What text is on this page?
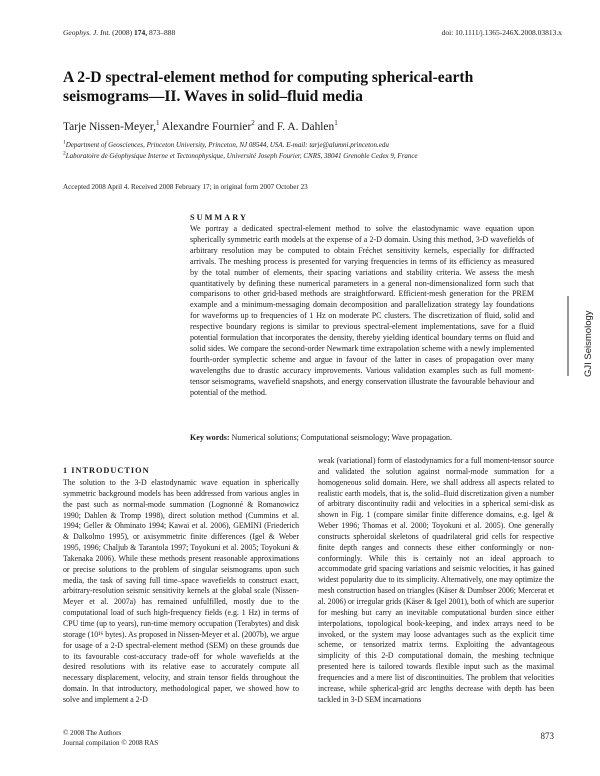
Geophys. J. Int. (2008) 174, 873–888	doi: 10.1111/j.1365-246X.2008.03813.x
A 2-D spectral-element method for computing spherical-earth seismograms—II. Waves in solid–fluid media
Tarje Nissen-Meyer,$^1$ Alexandre Fournier$^2$ and F. A. Dahlen$^1$
$^1$Department of Geosciences, Princeton University, Princeton, NJ 08544, USA. E-mail: tarje@alumni.princeton.edu
$^2$Laboratoire de Géophysique Interne et Tectonophysique, Université Joseph Fourier, CNRS, 38041 Grenoble Cedex 9, France
Accepted 2008 April 4. Received 2008 February 17; in original form 2007 October 23
SUMMARY
We portray a dedicated spectral-element method to solve the elastodynamic wave equation upon spherically symmetric earth models at the expense of a 2-D domain. Using this method, 3-D wavefields of arbitrary resolution may be computed to obtain Fréchet sensitivity kernels, especially for diffracted arrivals. The meshing process is presented for varying frequencies in terms of its efficiency as measured by the total number of elements, their spacing variations and stability criteria. We assess the mesh quantitatively by defining these numerical parameters in a general non-dimensionalized form such that comparisons to other grid-based methods are straightforward. Efficient-mesh generation for the PREM example and a minimum-messaging domain decomposition and parallelization strategy lay foundations for waveforms up to frequencies of 1 Hz on moderate PC clusters. The discretization of fluid, solid and respective boundary regions is similar to previous spectral-element implementations, save for a fluid potential formulation that incorporates the density, thereby yielding identical boundary terms on fluid and solid sides. We compare the second-order Newmark time extrapolation scheme with a newly implemented fourth-order symplectic scheme and argue in favour of the latter in cases of propagation over many wavelengths due to drastic accuracy improvements. Various validation examples such as full moment-tensor seismograms, wavefield snapshots, and energy conservation illustrate the favourable behaviour and potential of the method.
Key words: Numerical solutions; Computational seismology; Wave propagation.
GJI Seismology
1 INTRODUCTION
The solution to the 3-D elastodynamic wave equation in spherically symmetric background models has been addressed from various angles in the past such as normal-mode summation (Lognonné & Romanowicz 1990; Dahlen & Tromp 1998), direct solution method (Cummins et al. 1994; Geller & Ohminato 1994; Kawai et al. 2006), GEMINI (Friederich & Dalkolmo 1995), or axisymmetric finite differences (Igel & Weber 1995, 1996; Chaljub & Tarantola 1997; Toyokuni et al. 2005; Toyokuni & Takenaka 2006). While these methods present reasonable approximations or precise solutions to the problem of singular seismograms upon such media, the task of saving full time–space wavefields to construct exact, arbitrary-resolution seismic sensitivity kernels at the global scale (Nissen-Meyer et al. 2007a) has remained unfulfilled, mostly due to the computational load of such high-frequency fields (e.g. 1 Hz) in terms of CPU time (up to years), run-time memory occupation (Terabytes) and disk storage (10¹⁶ bytes). As proposed in Nissen-Meyer et al. (2007b), we argue for usage of a 2-D spectral-element method (SEM) on these grounds due to its favourable cost-accuracy trade-off for whole wavefields at the desired resolutions with its relative ease to accurately compute all necessary displacement, velocity, and strain tensor fields throughout the domain. In that introductory, methodological paper, we showed how to solve and implement a 2-D
weak (variational) form of elastodynamics for a full moment-tensor source and validated the solution against normal-mode summation for a homogeneous solid domain. Here, we shall address all aspects related to realistic earth models, that is, the solid–fluid discretization given a number of arbitrary discontinuity radii and velocities in a spherical semi-disk as shown in Fig. 1 (compare similar finite difference domains, e.g. Igel & Weber 1996; Thomas et al. 2000; Toyokuni et al. 2005). One generally constructs spheroidal skeletons of quadrilateral grid cells for respective finite depth ranges and connects these either conformingly or non-conformingly. While this is certainly not an ideal approach to accommodate grid spacing variations and seismic velocities, it has gained widest popularity due to its simplicity. Alternatively, one may optimize the mesh construction based on triangles (Käser & Dumbser 2006; Mercerat et al. 2006) or irregular grids (Käser & Igel 2001), both of which are superior for meshing but carry an inevitable computational burden since either interpolations, topological book-keeping, and index arrays need to be invoked, or the system may loose advantages such as the explicit time scheme, or tensorized matrix terms. Exploiting the advantageous simplicity of this 2-D computational domain, the meshing technique presented here is tailored towards flexible input such as the maximal frequencies and a mere list of discontinuities. The problem that velocities increase, while spherical-grid arc lengths decrease with depth has been tackled in 3-D SEM incarnations
© 2008 The Authors
Journal compilation © 2008 RAS
873
